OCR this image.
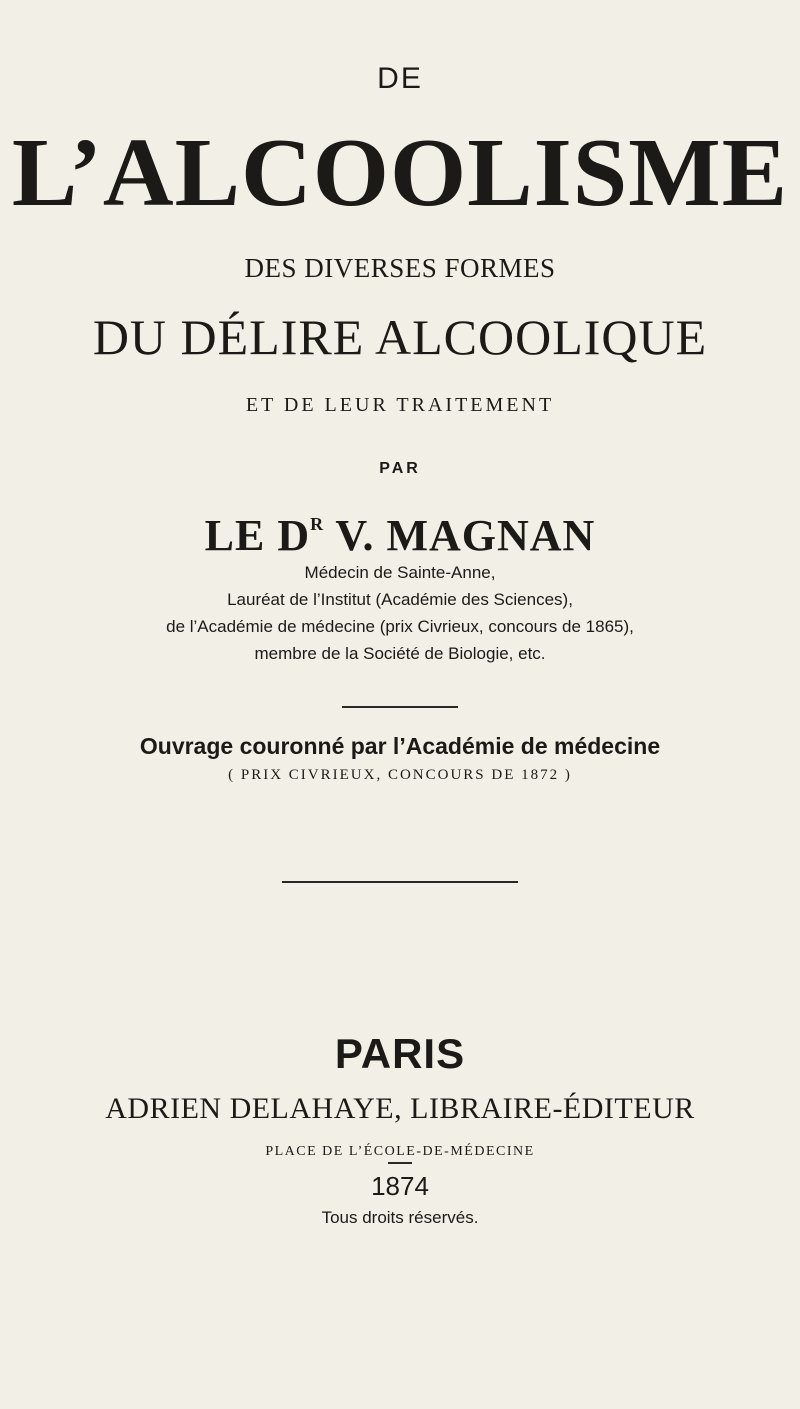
DE
L’ALCOOLISME
DES DIVERSES FORMES
DU DÉLIRE ALCOOLIQUE
ET DE LEUR TRAITEMENT
PAR
LE $D^R$ V. MAGNAN
Médecin de Sainte-Anne,
Lauréat de l’Institut (Académie des Sciences),
de l’Académie de médecine (prix Civrieux, concours de 1865),
membre de la Société de Biologie, etc.
Ouvrage couronné par l’Académie de médecine
( PRIX CIVRIEUX, CONCOURS DE 1872 )
PARIS
ADRIEN DELAHAYE, LIBRAIRE-ÉDITEUR
PLACE DE L’ÉCOLE-DE-MÉDECINE
1874
Tous droits réservés.
